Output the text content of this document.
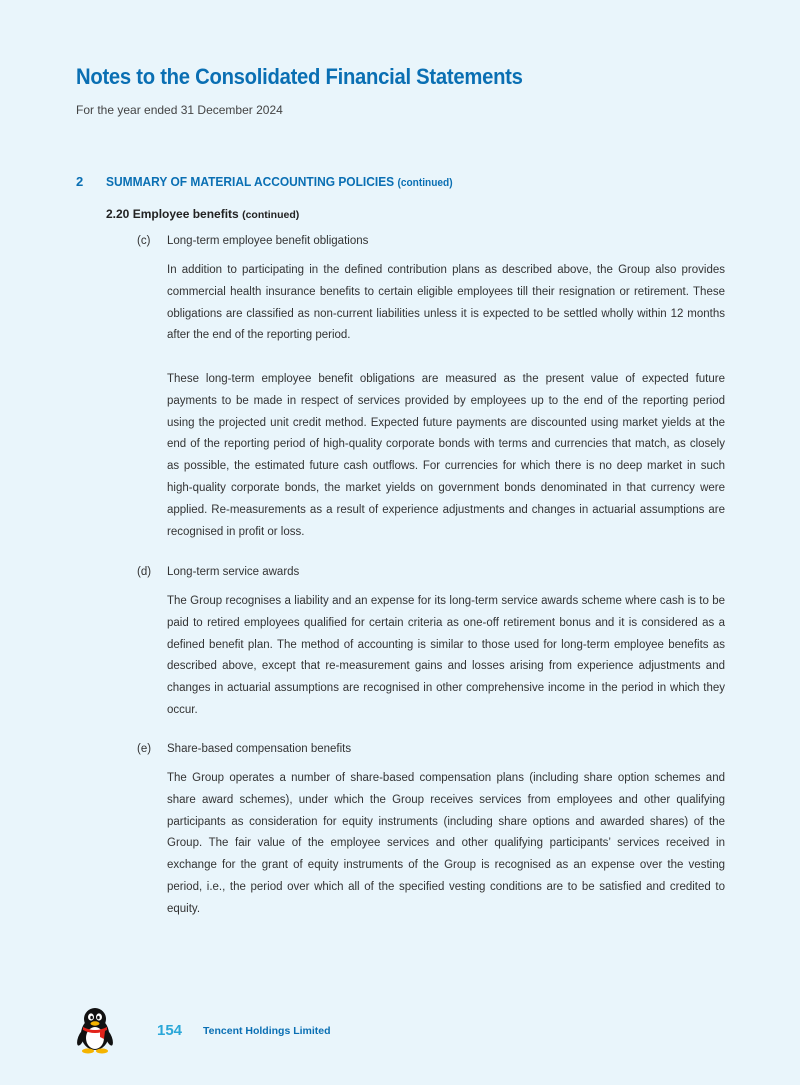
Notes to the Consolidated Financial Statements
For the year ended 31 December 2024
2 SUMMARY OF MATERIAL ACCOUNTING POLICIES (continued)
2.20 Employee benefits (continued)
(c) Long-term employee benefit obligations

In addition to participating in the defined contribution plans as described above, the Group also provides commercial health insurance benefits to certain eligible employees till their resignation or retirement. These obligations are classified as non-current liabilities unless it is expected to be settled wholly within 12 months after the end of the reporting period.

These long-term employee benefit obligations are measured as the present value of expected future payments to be made in respect of services provided by employees up to the end of the reporting period using the projected unit credit method. Expected future payments are discounted using market yields at the end of the reporting period of high-quality corporate bonds with terms and currencies that match, as closely as possible, the estimated future cash outflows. For currencies for which there is no deep market in such high-quality corporate bonds, the market yields on government bonds denominated in that currency were applied. Re-measurements as a result of experience adjustments and changes in actuarial assumptions are recognised in profit or loss.

(d) Long-term service awards

The Group recognises a liability and an expense for its long-term service awards scheme where cash is to be paid to retired employees qualified for certain criteria as one-off retirement bonus and it is considered as a defined benefit plan. The method of accounting is similar to those used for long-term employee benefits as described above, except that re-measurement gains and losses arising from experience adjustments and changes in actuarial assumptions are recognised in other comprehensive income in the period in which they occur.

(e) Share-based compensation benefits

The Group operates a number of share-based compensation plans (including share option schemes and share award schemes), under which the Group receives services from employees and other qualifying participants as consideration for equity instruments (including share options and awarded shares) of the Group. The fair value of the employee services and other qualifying participants’ services received in exchange for the grant of equity instruments of the Group is recognised as an expense over the vesting period, i.e., the period over which all of the specified vesting conditions are to be satisfied and credited to equity.

154 Tencent Holdings Limited
